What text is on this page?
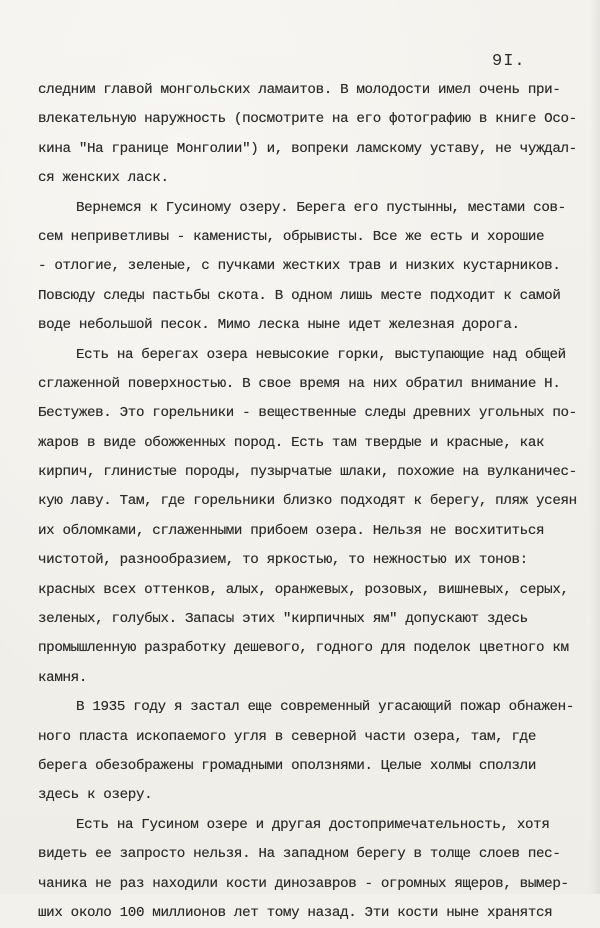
9I.
следним главой монгольских ламаитов. В молодости имел очень при-
влекательную наружность (посмотрите на его фотографию в книге Осо-
кина "На границе Монголии") и, вопреки ламскому уставу, не чуждал-
ся женских ласк.
Вернемся к Гусиному озеру. Берега его пустынны, местами сов-
сем неприветливы - каменисты, обрывисты. Все же есть и хорошие
- отлогие, зеленые, с пучками жестких трав и низких кустарников.
Повсюду следы пастьбы скота. В одном лишь месте подходит к самой
воде небольшой песок. Мимо леска ныне идет железная дорога.
Есть на берегах озера невысокие горки, выступающие над общей
сглаженной поверхностью. В свое время на них обратил внимание Н.
Бестужев. Это горельники - вещественные следы древних угольных по-
жаров в виде обожженных пород. Есть там твердые и красные, как
кирпич, глинистые породы, пузырчатые шлаки, похожие на вулканичес-
кую лаву. Там, где горельники близко подходят к берегу, пляж усеян
их обломками, сглаженными прибоем озера. Нельзя не восхититься
чистотой, разнообразием, то яркостью, то нежностью их тонов:
красных всех оттенков, алых, оранжевых, розовых, вишневых, серых,
зеленых, голубых. Запасы этих "кирпичных ям" допускают здесь
промышленную разработку дешевого, годного для поделок цветного км
камня.
В 1935 году я застал еще современный угасающий пожар обнажен-
ного пласта ископаемого угля в северной части озера, там, где
берега обезображены громадными оползнями. Целые холмы сползли
здесь к озеру.
Есть на Гусином озере и другая достопримечательность, хотя
видеть ее запросто нельзя. На западном берегу в толще слоев пес-
чаника не раз находили кости динозавров - огромных ящеров, вымер-
ших около 100 миллионов лет тому назад. Эти кости ныне хранятся
